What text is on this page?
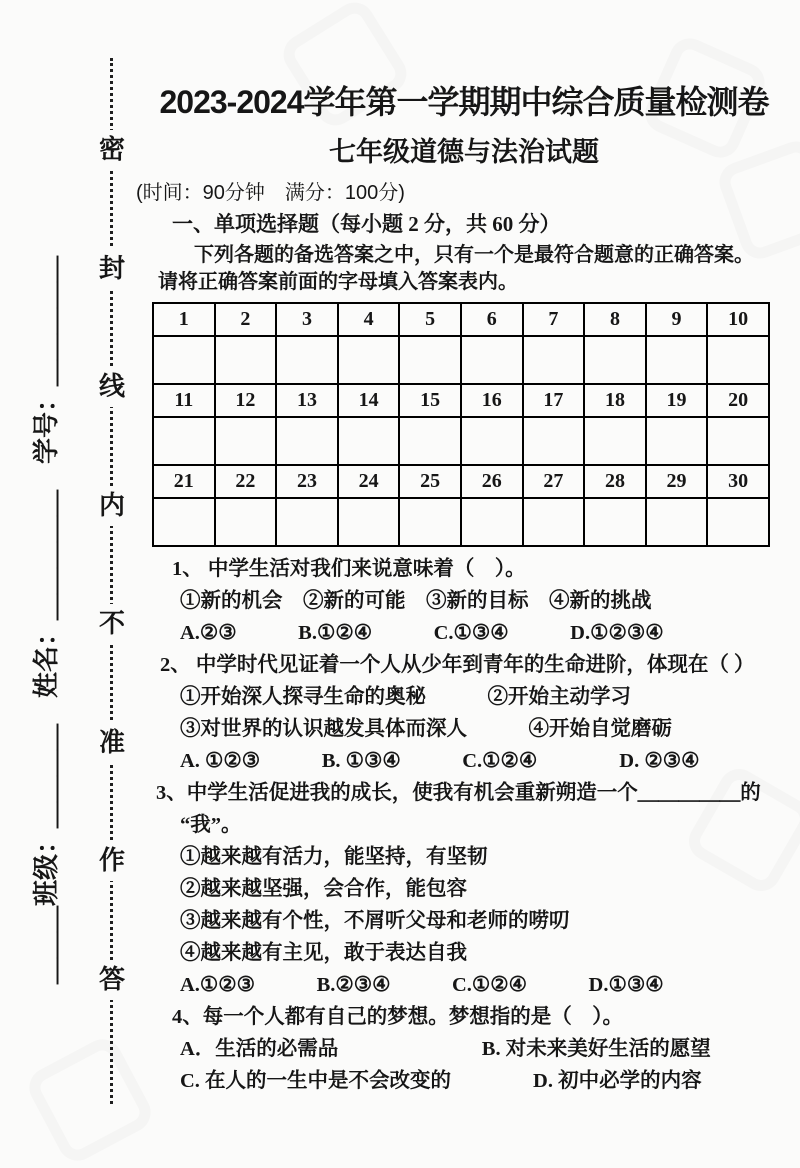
密
封
线
内
不
准
作
答
＿＿＿班级：＿＿＿＿　姓名：＿＿＿＿＿　学号：＿＿＿＿＿
2023-2024学年第一学期期中综合质量检测卷
七年级道德与法治试题
(时间：90分钟　满分：100分)
一、单项选择题（每小题 2 分，共 60 分）
下列各题的备选答案之中，只有一个是最符合题意的正确答案。
请将正确答案前面的字母填入答案表内。
1	2	3	4	5	6	7	8	9	10

11	12	13	14	15	16	17	18	19	20

21	22	23	24	25	26	27	28	29	30

1、 中学生活对我们来说意味着（　）。

①新的机会　②新的可能　③新的目标　④新的挑战

A.②③　　　B.①②④　　　C.①③④　　　D.①②③④

2、 中学时代见证着一个人从少年到青年的生命进阶，体现在（ ）

①开始深人探寻生命的奥秘　　　②开始主动学习

③对世界的认识越发具体而深人　　　④开始自觉磨砺

A. ①②③　　　B. ①③④　　　C.①②④　　　　D. ②③④

3、中学生活促进我的成长，使我有机会重新朔造一个＿＿＿＿＿的

“我”。

①越来越有活力，能坚持，有坚韧

②越来越坚强，会合作，能包容

③越来越有个性，不屑听父母和老师的唠叨

④越来越有主见，敢于表达自我

A.①②③　　　B.②③④　　　C.①②④　　　D.①③④

4、每一个人都有自己的梦想。梦想指的是（　）。

A．生活的必需品　　　　　　　B. 对未来美好生活的愿望

C. 在人的一生中是不会改变的　　　　D. 初中必学的内容
